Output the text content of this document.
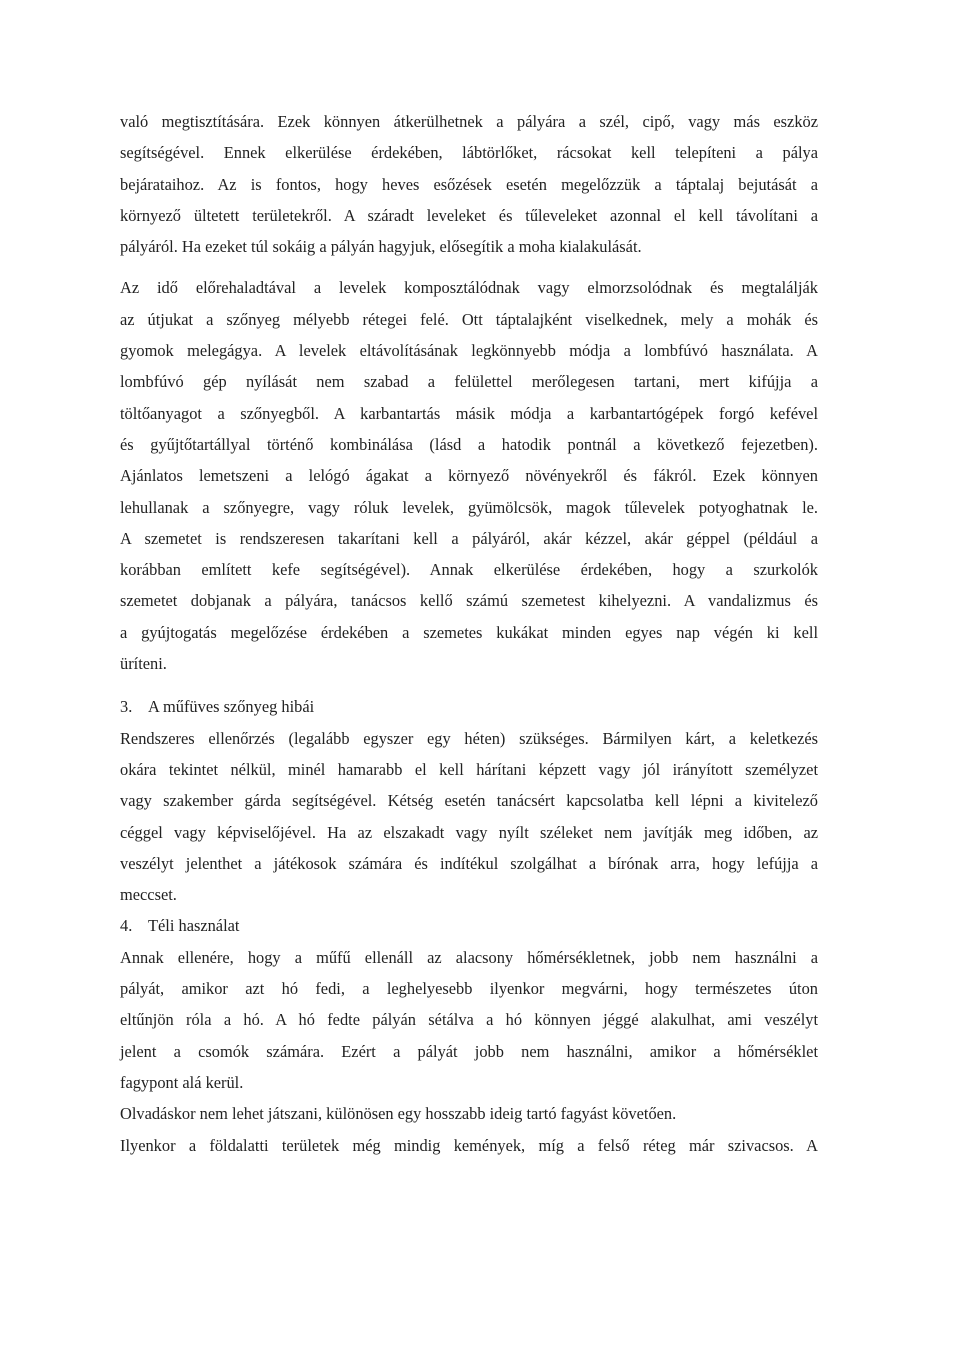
való megtisztítására. Ezek könnyen átkerülhetnek a pályára a szél, cipő, vagy más eszköz
segítségével. Ennek elkerülése érdekében, lábtörlőket, rácsokat kell telepíteni a pálya
bejárataihoz. Az is fontos, hogy heves esőzések esetén megelőzzük a táptalaj bejutását a
környező ültetett területekről. A száradt leveleket és tűleveleket azonnal el kell távolítani a
pályáról. Ha ezeket túl sokáig a pályán hagyjuk, elősegítik a moha kialakulását.
Az idő előrehaladtával a levelek komposztálódnak vagy elmorzsolódnak és megtalálják
az útjukat a szőnyeg mélyebb rétegei felé. Ott táptalajként viselkednek, mely a mohák és
gyomok melegágya. A levelek eltávolításának legkönnyebb módja a lombfúvó használata. A
lombfúvó gép nyílását nem szabad a felülettel merőlegesen tartani, mert kifújja a
töltőanyagot a szőnyegből. A karbantartás másik módja a karbantartógépek forgó kefével
és gyűjtőtartállyal történő kombinálása (lásd a hatodik pontnál a következő fejezetben).
Ajánlatos lemetszeni a lelógó ágakat a környező növényekről és fákról. Ezek könnyen
lehullanak a szőnyegre, vagy róluk levelek, gyümölcsök, magok tűlevelek potyoghatnak le.
A szemetet is rendszeresen takarítani kell a pályáról, akár kézzel, akár géppel (például a
korábban említett kefe segítségével). Annak elkerülése érdekében, hogy a szurkolók
szemetet dobjanak a pályára, tanácsos kellő számú szemetest kihelyezni. A vandalizmus és
a gyújtogatás megelőzése érdekében a szemetes kukákat minden egyes nap végén ki kell
üríteni.
3. A műfüves szőnyeg hibái
Rendszeres ellenőrzés (legalább egyszer egy héten) szükséges. Bármilyen kárt, a keletkezés
okára tekintet nélkül, minél hamarabb el kell hárítani képzett vagy jól irányított személyzet
vagy szakember gárda segítségével. Kétség esetén tanácsért kapcsolatba kell lépni a kivitelező
céggel vagy képviselőjével. Ha az elszakadt vagy nyílt széleket nem javítják meg időben, az
veszélyt jelenthet a játékosok számára és indítékul szolgálhat a bírónak arra, hogy lefújja a
meccset.
4. Téli használat
Annak ellenére, hogy a műfű ellenáll az alacsony hőmérsékletnek, jobb nem használni a
pályát, amikor azt hó fedi, a leghelyesebb ilyenkor megvárni, hogy természetes úton
eltűnjön róla a hó. A hó fedte pályán sétálva a hó könnyen jéggé alakulhat, ami veszélyt
jelent a csomók számára. Ezért a pályát jobb nem használni, amikor a hőmérséklet
fagypont alá kerül.
Olvadáskor nem lehet játszani, különösen egy hosszabb ideig tartó fagyást követően.
Ilyenkor a földalatti területek még mindig kemények, míg a felső réteg már szivacsos. A
